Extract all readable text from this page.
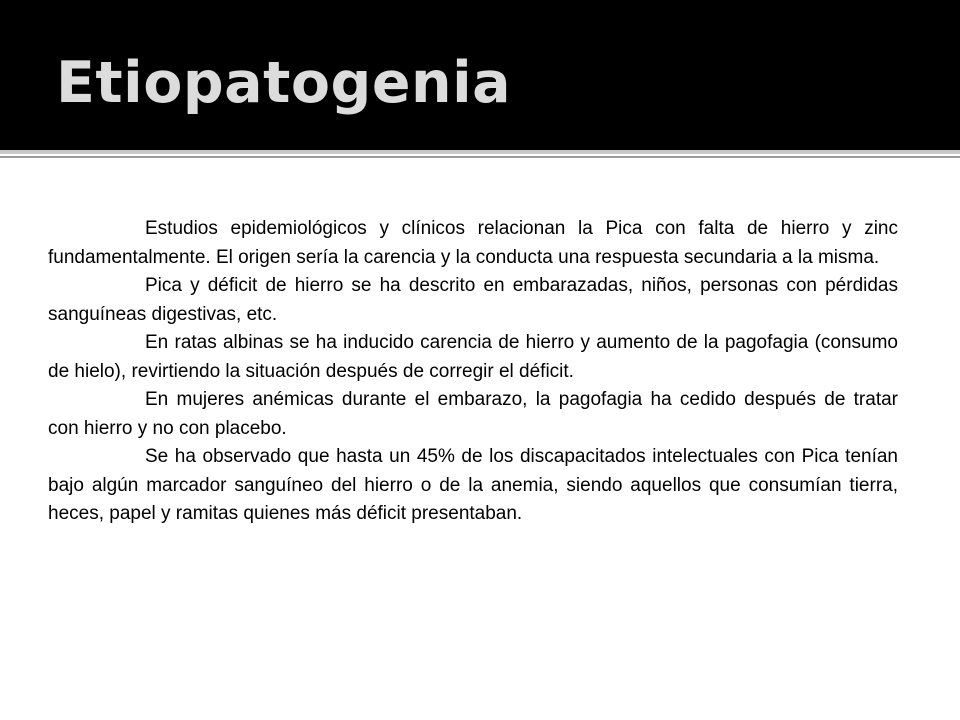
Etiopatogenia

Estudios epidemiológicos y clínicos relacionan la Pica con falta de hierro y zinc fundamentalmente. El origen sería la carencia y la conducta una respuesta secundaria a la misma.

Pica y déficit de hierro se ha descrito en embarazadas, niños, personas con pérdidas sanguíneas digestivas, etc.

En ratas albinas se ha inducido carencia de hierro y aumento de la pagofagia (consumo de hielo), revirtiendo la situación después de corregir el déficit.

En mujeres anémicas durante el embarazo, la pagofagia ha cedido después de tratar con hierro y no con placebo.

Se ha observado que hasta un 45% de los discapacitados intelectuales con Pica tenían bajo algún marcador sanguíneo del hierro o de la anemia, siendo aquellos que consumían tierra, heces, papel y ramitas quienes más déficit presentaban.
